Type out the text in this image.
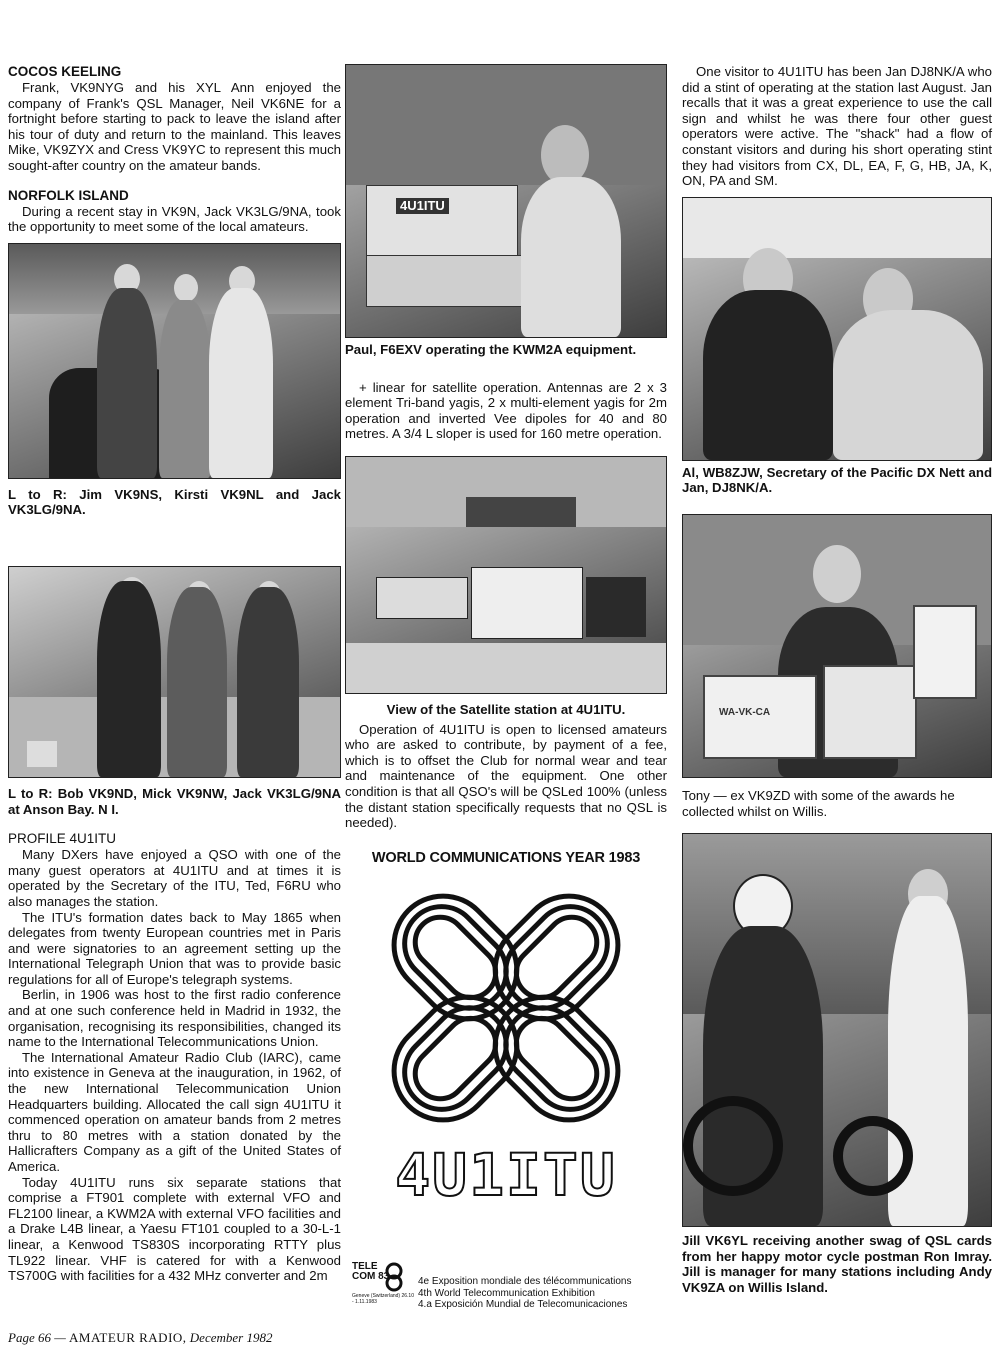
COCOS KEELING

Frank, VK9NYG and his XYL Ann enjoyed the company of Frank's QSL Manager, Neil VK6NE for a fortnight before starting to pack to leave the island after his tour of duty and return to the mainland. This leaves Mike, VK9ZYX and Cress VK9YC to represent this much sought-after country on the amateur bands.

NORFOLK ISLAND

During a recent stay in VK9N, Jack VK3LG/9NA, took the opportunity to meet some of the local amateurs.

L to R: Jim VK9NS, Kirsti VK9NL and Jack VK3LG/9NA.
L to R: Bob VK9ND, Mick VK9NW, Jack VK3LG/9NA at Anson Bay. N I.
PROFILE 4U1ITU

Many DXers have enjoyed a QSO with one of the many guest operators at 4U1ITU and at times it is operated by the Secretary of the ITU, Ted, F6RU who also manages the station.

The ITU's formation dates back to May 1865 when delegates from twenty European countries met in Paris and were signatories to an agreement setting up the International Telegraph Union that was to provide basic regulations for all of Europe's telegraph systems.

Berlin, in 1906 was host to the first radio conference and at one such conference held in Madrid in 1932, the organisation, recognising its responsibilities, changed its name to the International Telecommunications Union.

The International Amateur Radio Club (IARC), came into existence in Geneva at the inauguration, in 1962, of the new International Telecommunication Union Headquarters building. Allocated the call sign 4U1ITU it commenced operation on amateur bands from 2 metres thru to 80 metres with a station donated by the Hallicrafters Company as a gift of the United States of America.

Today 4U1ITU runs six separate stations that comprise a FT901 complete with external VFO and FL2100 linear, a KWM2A with external VFO facilities and a Drake L4B linear, a Yaesu FT101 coupled to a 30-L-1 linear, a Kenwood TS830S incorporating RTTY plus TL922 linear. VHF is catered for with a Kenwood TS700G with facilities for a 432 MHz converter and 2m

4U1ITU
Paul, F6EXV operating the KWM2A equipment.

+ linear for satellite operation. Antennas are 2 x 3 element Tri-band yagis, 2 x multi-element yagis for 2m operation and inverted Vee dipoles for 40 and 80 metres. A 3/4 L sloper is used for 160 metre operation.

View of the Satellite station at 4U1ITU.

Operation of 4U1ITU is open to licensed amateurs who are asked to contribute, by payment of a fee, which is to offset the Club for normal wear and tear and maintenance of the equipment. One other condition is that all QSO's will be QSLed 100% (unless the distant station specifically requests that no QSL is needed).

WORLD COMMUNICATIONS YEAR 1983
4U1ITU
TELE COM 83
Geneve (Switzerland) 26.10 - 1.11.1983
4e Exposition mondiale des télécommunications
4th World Telecommunication Exhibition
4.a Exposición Mundial de Telecomunicaciones

One visitor to 4U1ITU has been Jan DJ8NK/A who did a stint of operating at the station last August. Jan recalls that it was a great experience to use the call sign and whilst he was there four other guest operators were active. The "shack" had a flow of constant visitors and during his short operating stint they had visitors from CX, DL, EA, F, G, HB, JA, K, ON, PA and SM.

Al, WB8ZJW, Secretary of the Pacific DX Nett and Jan, DJ8NK/A.
WA-VK-CA
Tony — ex VK9ZD with some of the awards he collected whilst on Willis.
Jill VK6YL receiving another swag of QSL cards from her happy motor cycle postman Ron Imray. Jill is manager for many stations including Andy VK9ZA on Willis Island.
Page 66 — AMATEUR RADIO, December 1982
